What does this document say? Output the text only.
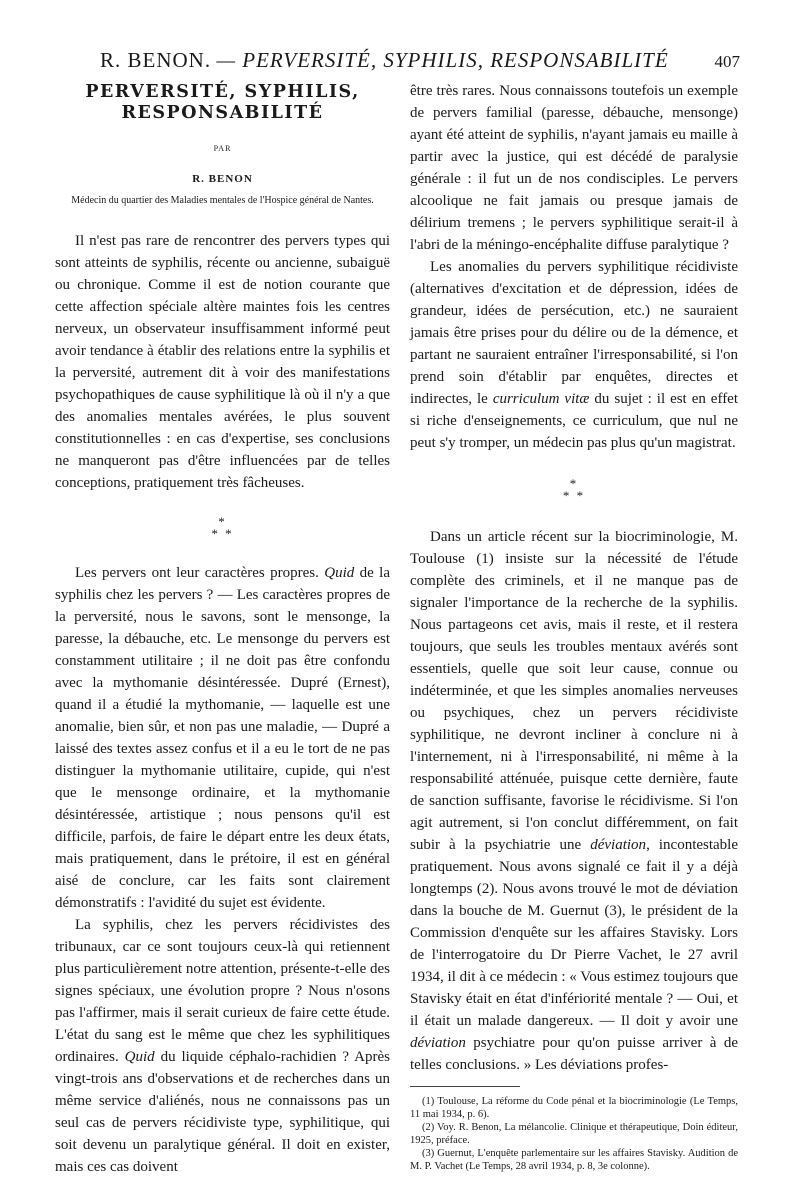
R. BENON. — PERVERSITÉ, SYPHILIS, RESPONSABILITÉ	407
PERVERSITÉ, SYPHILIS,
RESPONSABILITÉ
PAR
R. BENON
Médecin du quartier des Maladies mentales de l'Hospice général de Nantes.

Il n'est pas rare de rencontrer des pervers types qui sont atteints de syphilis, récente ou ancienne, subaiguë ou chronique. Comme il est de notion courante que cette affection spéciale altère maintes fois les centres nerveux, un observateur insuffisamment informé peut avoir tendance à établir des relations entre la syphilis et la perversité, autrement dit à voir des manifestations psychopathiques de cause syphilitique là où il n'y a que des anomalies mentales avérées, le plus souvent constitutionnelles : en cas d'expertise, ses conclusions ne manqueront pas d'être influencées par de telles conceptions, pratiquement très fâcheuses.

*
* *

Les pervers ont leur caractères propres. Quid de la syphilis chez les pervers ? — Les caractères propres de la perversité, nous le savons, sont le mensonge, la paresse, la débauche, etc. Le mensonge du pervers est constamment utilitaire ; il ne doit pas être confondu avec la mythomanie désintéressée. Dupré (Ernest), quand il a étudié la mythomanie, — laquelle est une anomalie, bien sûr, et non pas une maladie, — Dupré a laissé des textes assez confus et il a eu le tort de ne pas distinguer la mythomanie utilitaire, cupide, qui n'est que le mensonge ordinaire, et la mythomanie désintéressée, artistique ; nous pensons qu'il est difficile, parfois, de faire le départ entre les deux états, mais pratiquement, dans le prétoire, il est en général aisé de conclure, car les faits sont clairement démonstratifs : l'avidité du sujet est évidente.

La syphilis, chez les pervers récidivistes des tribunaux, car ce sont toujours ceux-là qui retiennent plus particulièrement notre attention, présente-t-elle des signes spéciaux, une évolution propre ? Nous n'osons pas l'affirmer, mais il serait curieux de faire cette étude. L'état du sang est le même que chez les syphilitiques ordinaires. Quid du liquide céphalo-rachidien ? Après vingt-trois ans d'observations et de recherches dans un même service d'aliénés, nous ne connaissons pas un seul cas de pervers récidiviste type, syphilitique, qui soit devenu un paralytique général. Il doit en exister, mais ces cas doivent

être très rares. Nous connaissons toutefois un exemple de pervers familial (paresse, débauche, mensonge) ayant été atteint de syphilis, n'ayant jamais eu maille à partir avec la justice, qui est décédé de paralysie générale : il fut un de nos condisciples. Le pervers alcoolique ne fait jamais ou presque jamais de délirium tremens ; le pervers syphilitique serait-il à l'abri de la méningo-encéphalite diffuse paralytique ?

Les anomalies du pervers syphilitique récidiviste (alternatives d'excitation et de dépression, idées de grandeur, idées de persécution, etc.) ne sauraient jamais être prises pour du délire ou de la démence, et partant ne sauraient entraîner l'irresponsabilité, si l'on prend soin d'établir par enquêtes, directes et indirectes, le curriculum vitæ du sujet : il est en effet si riche d'enseignements, ce curriculum, que nul ne peut s'y tromper, un médecin pas plus qu'un magistrat.

*
* *

Dans un article récent sur la biocriminologie, M. Toulouse (1) insiste sur la nécessité de l'étude complète des criminels, et il ne manque pas de signaler l'importance de la recherche de la syphilis. Nous partageons cet avis, mais il reste, et il restera toujours, que seuls les troubles mentaux avérés sont essentiels, quelle que soit leur cause, connue ou indéterminée, et que les simples anomalies nerveuses ou psychiques, chez un pervers récidiviste syphilitique, ne devront incliner à conclure ni à l'internement, ni à l'irresponsabilité, ni même à la responsabilité atténuée, puisque cette dernière, faute de sanction suffisante, favorise le récidivisme. Si l'on agit autrement, si l'on conclut différemment, on fait subir à la psychiatrie une déviation, incontestable pratiquement. Nous avons signalé ce fait il y a déjà longtemps (2). Nous avons trouvé le mot de déviation dans la bouche de M. Guernut (3), le président de la Commission d'enquête sur les affaires Stavisky. Lors de l'interrogatoire du Dr Pierre Vachet, le 27 avril 1934, il dit à ce médecin : « Vous estimez toujours que Stavisky était en état d'infériorité mentale ? — Oui, et il était un malade dangereux. — Il doit y avoir une déviation psychiatre pour qu'on puisse arriver à de telles conclusions. » Les déviations profes-

(1) Toulouse, La réforme du Code pénal et la biocriminologie (Le Temps, 11 mai 1934, p. 6).

(2) Voy. R. Benon, La mélancolie. Clinique et thérapeutique, Doin éditeur, 1925, préface.

(3) Guernut, L'enquête parlementaire sur les affaires Stavisky. Audition de M. P. Vachet (Le Temps, 28 avril 1934, p. 8, 3e colonne).
